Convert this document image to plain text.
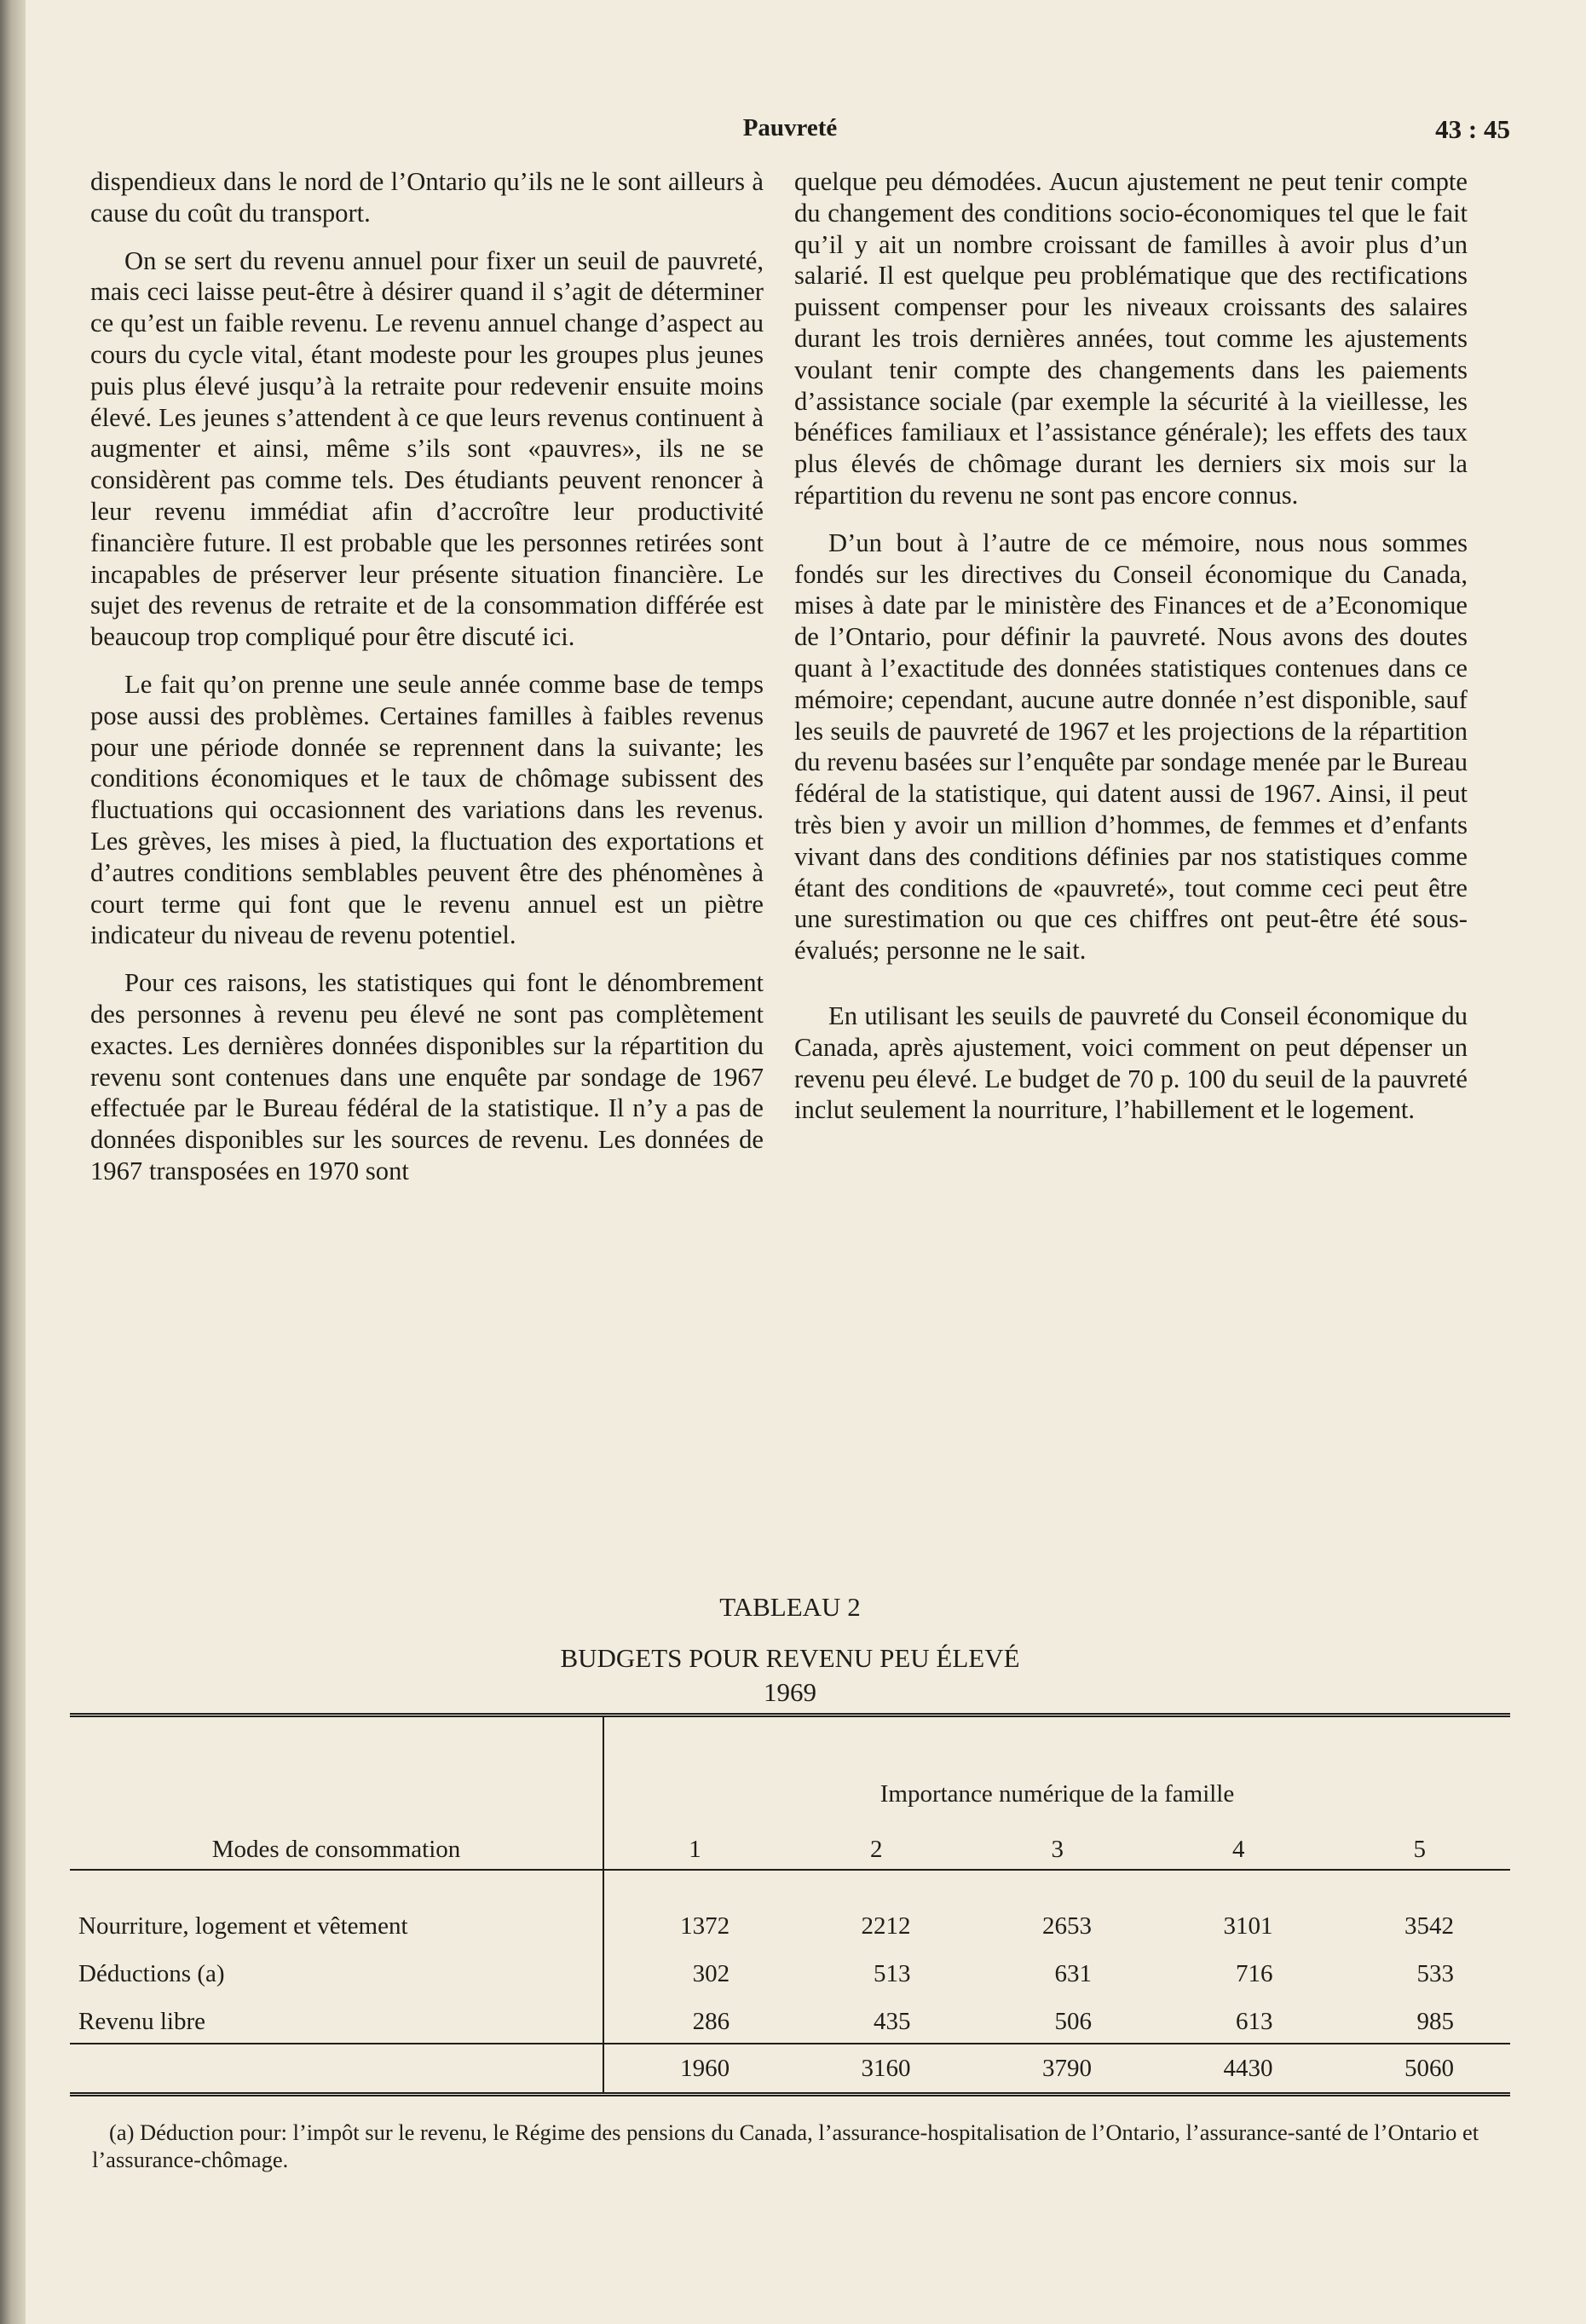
Pauvreté	43 : 45

dispendieux dans le nord de l’Ontario qu’ils ne le sont ailleurs à cause du coût du transport.

On se sert du revenu annuel pour fixer un seuil de pauvreté, mais ceci laisse peut-être à désirer quand il s’agit de déterminer ce qu’est un faible revenu. Le revenu annuel change d’aspect au cours du cycle vital, étant modeste pour les groupes plus jeunes puis plus élevé jusqu’à la retraite pour redevenir ensuite moins élevé. Les jeunes s’attendent à ce que leurs revenus continuent à augmenter et ainsi, même s’ils sont «pauvres», ils ne se considèrent pas comme tels. Des étudiants peuvent renoncer à leur revenu immédiat afin d’accroître leur productivité financière future. Il est probable que les personnes retirées sont incapables de préserver leur présente situation financière. Le sujet des revenus de retraite et de la consommation différée est beaucoup trop compliqué pour être discuté ici.

Le fait qu’on prenne une seule année comme base de temps pose aussi des problèmes. Certaines familles à faibles revenus pour une période donnée se reprennent dans la suivante; les conditions économiques et le taux de chômage subissent des fluctuations qui occasionnent des variations dans les revenus. Les grèves, les mises à pied, la fluctuation des exportations et d’autres conditions semblables peuvent être des phénomènes à court terme qui font que le revenu annuel est un piètre indicateur du niveau de revenu potentiel.

Pour ces raisons, les statistiques qui font le dénombrement des personnes à revenu peu élevé ne sont pas complètement exactes. Les dernières données disponibles sur la répartition du revenu sont contenues dans une enquête par sondage de 1967 effectuée par le Bureau fédéral de la statistique. Il n’y a pas de données disponibles sur les sources de revenu. Les données de 1967 transposées en 1970 sont

quelque peu démodées. Aucun ajustement ne peut tenir compte du changement des conditions socio-économiques tel que le fait qu’il y ait un nombre croissant de familles à avoir plus d’un salarié. Il est quelque peu problématique que des rectifications puissent compenser pour les niveaux croissants des salaires durant les trois dernières années, tout comme les ajustements voulant tenir compte des changements dans les paiements d’assistance sociale (par exemple la sécurité à la vieillesse, les bénéfices familiaux et l’assistance générale); les effets des taux plus élevés de chômage durant les derniers six mois sur la répartition du revenu ne sont pas encore connus.

D’un bout à l’autre de ce mémoire, nous nous sommes fondés sur les directives du Conseil économique du Canada, mises à date par le ministère des Finances et de a’Economique de l’Ontario, pour définir la pauvreté. Nous avons des doutes quant à l’exactitude des données statistiques contenues dans ce mémoire; cependant, aucune autre donnée n’est disponible, sauf les seuils de pauvreté de 1967 et les projections de la répartition du revenu basées sur l’enquête par sondage menée par le Bureau fédéral de la statistique, qui datent aussi de 1967. Ainsi, il peut très bien y avoir un million d’hommes, de femmes et d’enfants vivant dans des conditions définies par nos statistiques comme étant des conditions de «pauvreté», tout comme ceci peut être une surestimation ou que ces chiffres ont peut-être été sous-évalués; personne ne le sait.

En utilisant les seuils de pauvreté du Conseil économique du Canada, après ajustement, voici comment on peut dépenser un revenu peu élevé. Le budget de 70 p. 100 du seuil de la pauvreté inclut seulement la nourriture, l’habillement et le logement.

TABLEAU 2
BUDGETS POUR REVENU PEU ÉLEVÉ
1969

	Importance numérique de la famille				
Modes de consommation	1	2	3	4	5
Nourriture, logement et vêtement	1372	2212	2653	3101	3542
Déductions (a)	302	513	631	716	533
Revenu libre	286	435	506	613	985
	1960	3160	3790	4430	5060
(a) Déduction pour: l’impôt sur le revenu, le Régime des pensions du Canada, l’assurance-hospitalisation de l’Ontario, l’assurance-santé de l’Ontario et l’assurance-chômage.
